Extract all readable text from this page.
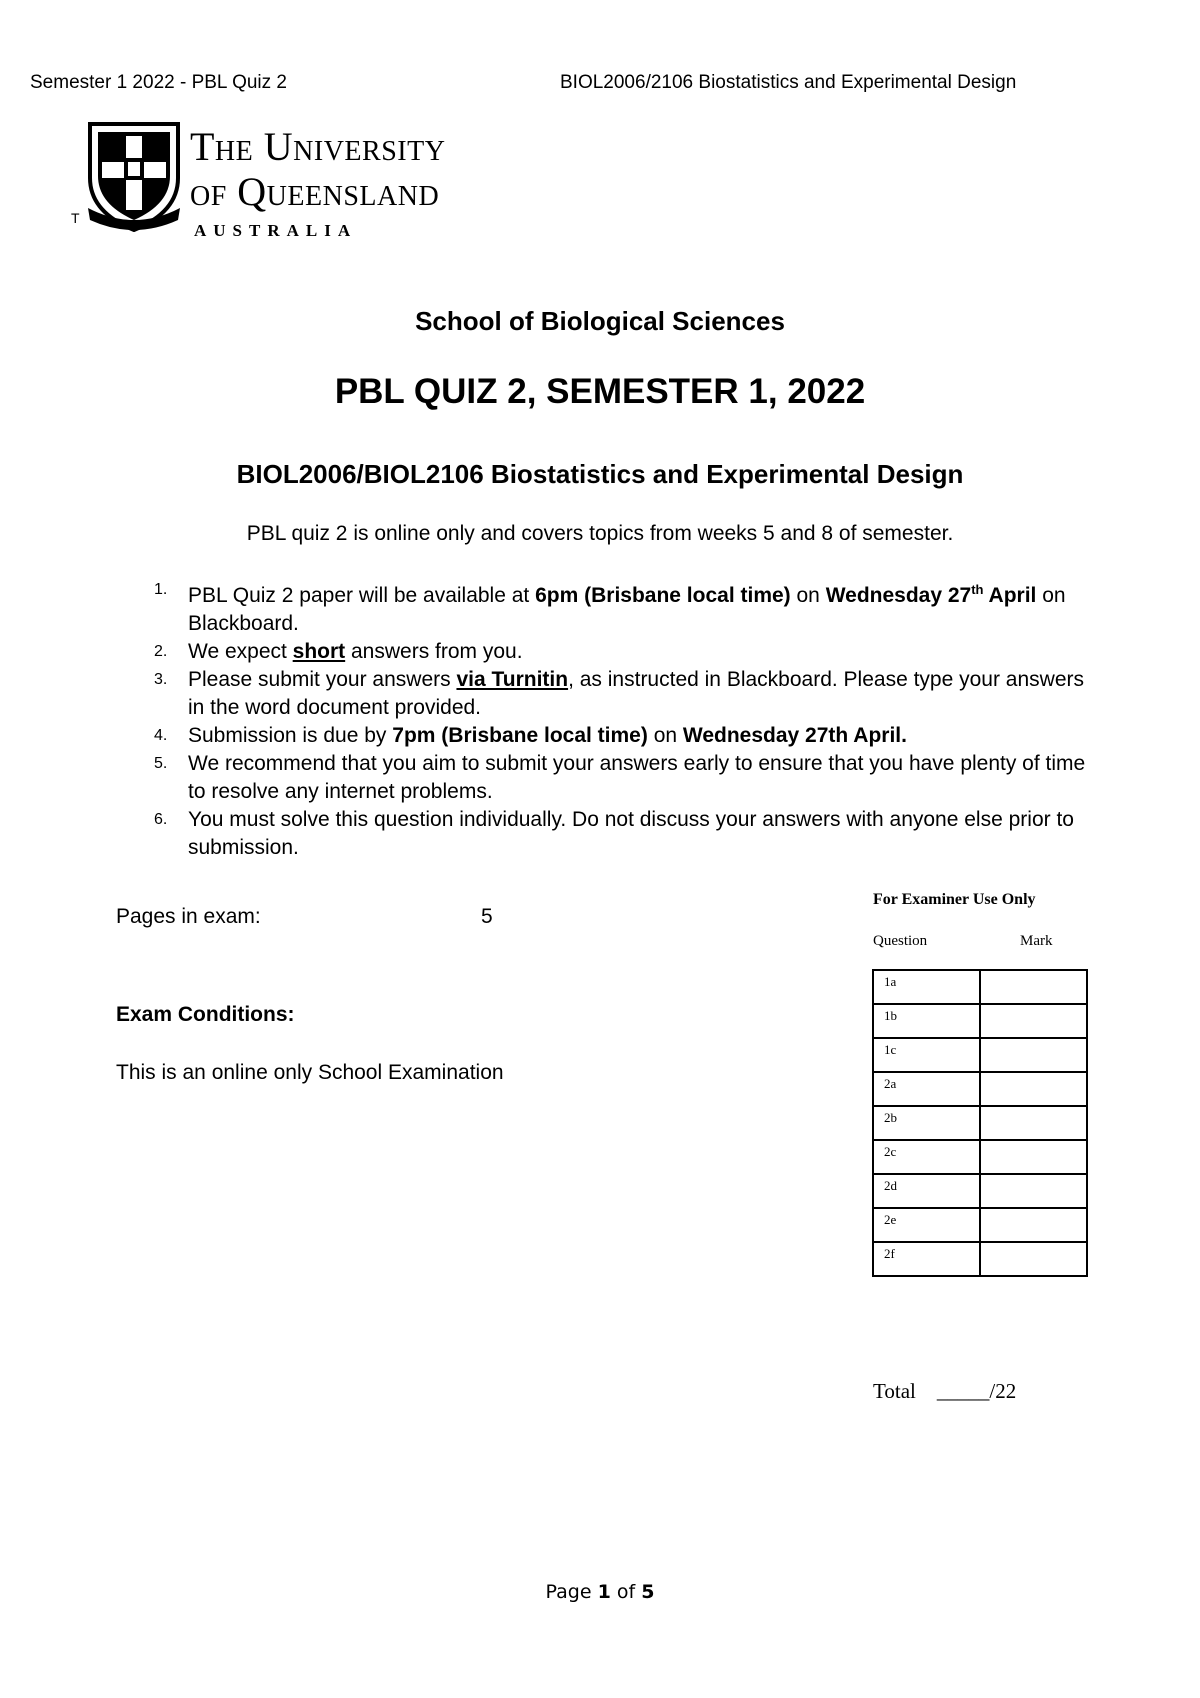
Semester 1 2022 - PBL Quiz 2	BIOL2006/2106 Biostatistics and Experimental Design
T
The University
of Queensland
AUSTRALIA
School of Biological Sciences
PBL QUIZ 2, SEMESTER 1, 2022
BIOL2006/BIOL2106 Biostatistics and Experimental Design
PBL quiz 2 is online only and covers topics from weeks 5 and 8 of semester.
1. PBL Quiz 2 paper will be available at 6pm (Brisbane local time) on Wednesday 27th April on Blackboard.
2. We expect short answers from you.
3. Please submit your answers via Turnitin, as instructed in Blackboard. Please type your answers in the word document provided.
4. Submission is due by 7pm (Brisbane local time) on Wednesday 27th April.
5. We recommend that you aim to submit your answers early to ensure that you have plenty of time to resolve any internet problems.
6. You must solve this question individually. Do not discuss your answers with anyone else prior to submission.
Pages in exam:	5
Exam Conditions:
This is an online only School Examination
For Examiner Use Only
Question	Mark
1a	
1b	
1c	
2a	
2b	
2c	
2d	
2e	
2f	
Total _____/22
Page 1 of 5
